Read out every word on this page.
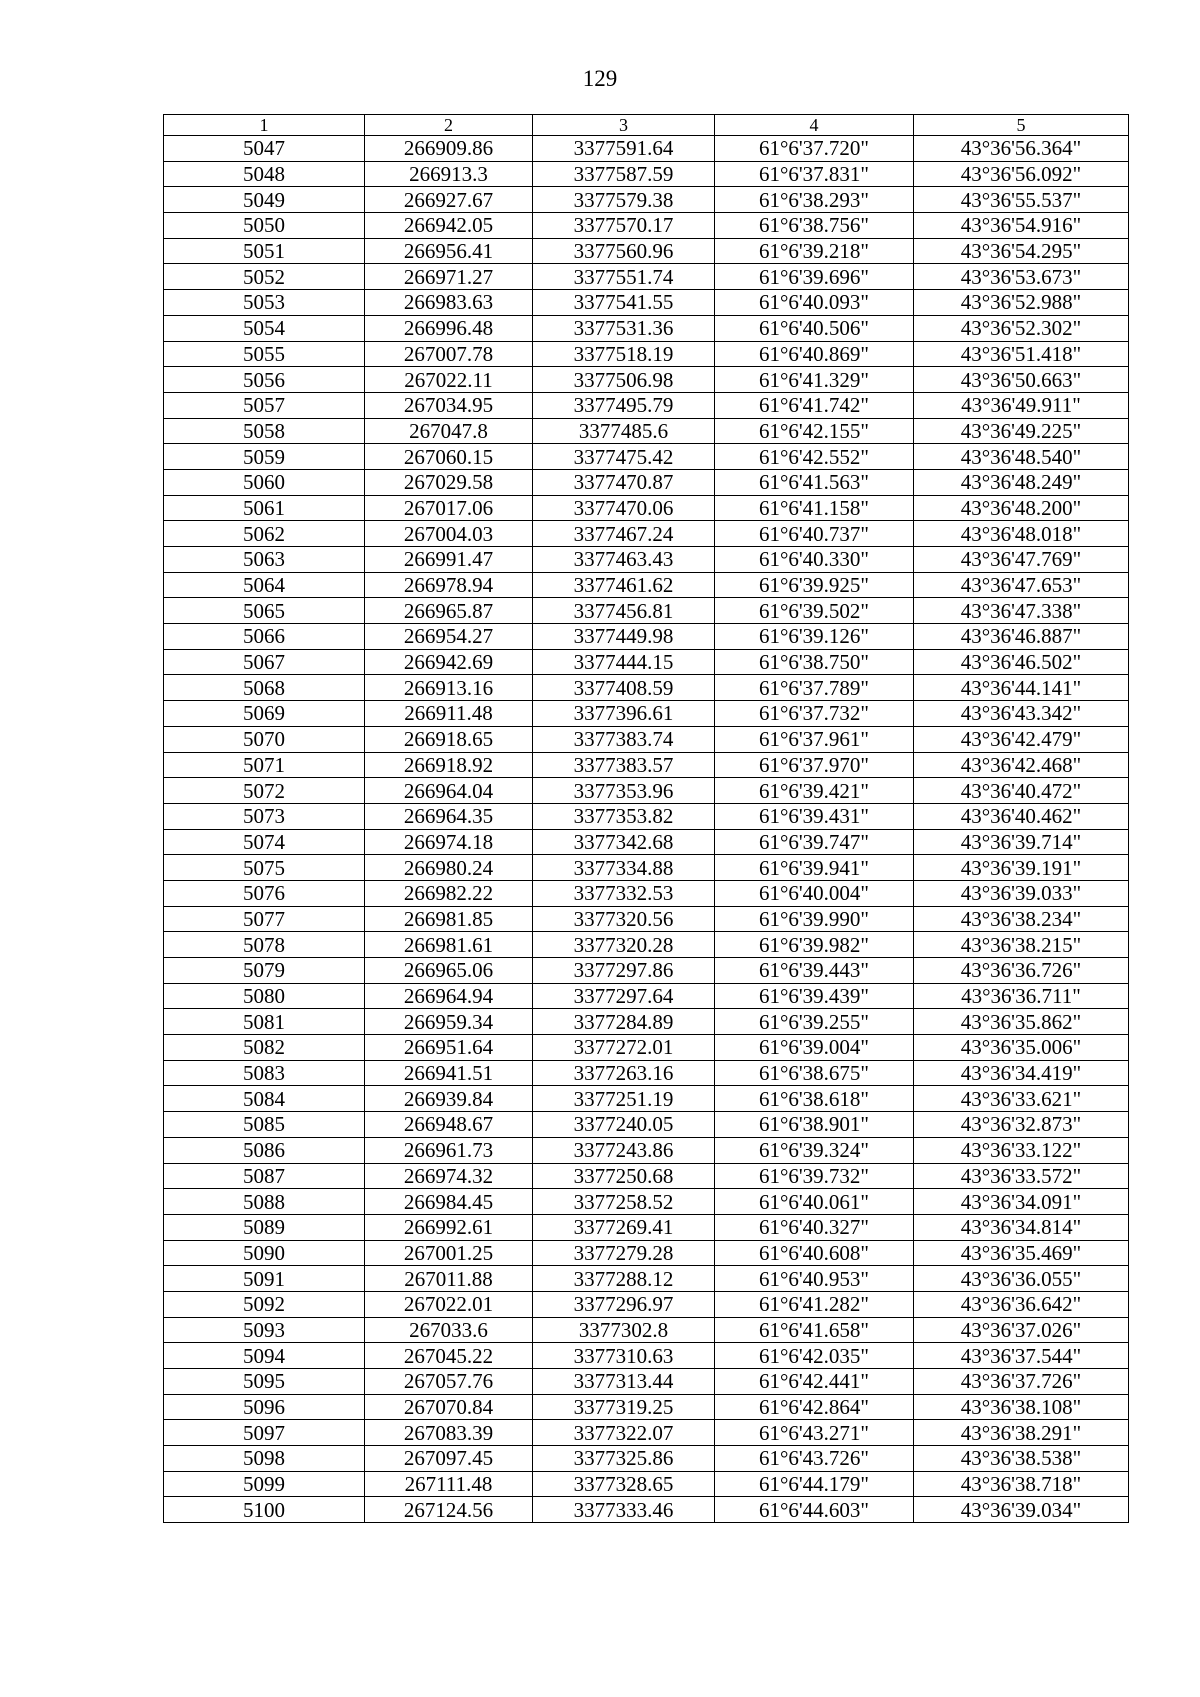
129
1	2	3	4	5
5047	266909.86	3377591.64	61°6'37.720"	43°36'56.364"
5048	266913.3	3377587.59	61°6'37.831"	43°36'56.092"
5049	266927.67	3377579.38	61°6'38.293"	43°36'55.537"
5050	266942.05	3377570.17	61°6'38.756"	43°36'54.916"
5051	266956.41	3377560.96	61°6'39.218"	43°36'54.295"
5052	266971.27	3377551.74	61°6'39.696"	43°36'53.673"
5053	266983.63	3377541.55	61°6'40.093"	43°36'52.988"
5054	266996.48	3377531.36	61°6'40.506"	43°36'52.302"
5055	267007.78	3377518.19	61°6'40.869"	43°36'51.418"
5056	267022.11	3377506.98	61°6'41.329"	43°36'50.663"
5057	267034.95	3377495.79	61°6'41.742"	43°36'49.911"
5058	267047.8	3377485.6	61°6'42.155"	43°36'49.225"
5059	267060.15	3377475.42	61°6'42.552"	43°36'48.540"
5060	267029.58	3377470.87	61°6'41.563"	43°36'48.249"
5061	267017.06	3377470.06	61°6'41.158"	43°36'48.200"
5062	267004.03	3377467.24	61°6'40.737"	43°36'48.018"
5063	266991.47	3377463.43	61°6'40.330"	43°36'47.769"
5064	266978.94	3377461.62	61°6'39.925"	43°36'47.653"
5065	266965.87	3377456.81	61°6'39.502"	43°36'47.338"
5066	266954.27	3377449.98	61°6'39.126"	43°36'46.887"
5067	266942.69	3377444.15	61°6'38.750"	43°36'46.502"
5068	266913.16	3377408.59	61°6'37.789"	43°36'44.141"
5069	266911.48	3377396.61	61°6'37.732"	43°36'43.342"
5070	266918.65	3377383.74	61°6'37.961"	43°36'42.479"
5071	266918.92	3377383.57	61°6'37.970"	43°36'42.468"
5072	266964.04	3377353.96	61°6'39.421"	43°36'40.472"
5073	266964.35	3377353.82	61°6'39.431"	43°36'40.462"
5074	266974.18	3377342.68	61°6'39.747"	43°36'39.714"
5075	266980.24	3377334.88	61°6'39.941"	43°36'39.191"
5076	266982.22	3377332.53	61°6'40.004"	43°36'39.033"
5077	266981.85	3377320.56	61°6'39.990"	43°36'38.234"
5078	266981.61	3377320.28	61°6'39.982"	43°36'38.215"
5079	266965.06	3377297.86	61°6'39.443"	43°36'36.726"
5080	266964.94	3377297.64	61°6'39.439"	43°36'36.711"
5081	266959.34	3377284.89	61°6'39.255"	43°36'35.862"
5082	266951.64	3377272.01	61°6'39.004"	43°36'35.006"
5083	266941.51	3377263.16	61°6'38.675"	43°36'34.419"
5084	266939.84	3377251.19	61°6'38.618"	43°36'33.621"
5085	266948.67	3377240.05	61°6'38.901"	43°36'32.873"
5086	266961.73	3377243.86	61°6'39.324"	43°36'33.122"
5087	266974.32	3377250.68	61°6'39.732"	43°36'33.572"
5088	266984.45	3377258.52	61°6'40.061"	43°36'34.091"
5089	266992.61	3377269.41	61°6'40.327"	43°36'34.814"
5090	267001.25	3377279.28	61°6'40.608"	43°36'35.469"
5091	267011.88	3377288.12	61°6'40.953"	43°36'36.055"
5092	267022.01	3377296.97	61°6'41.282"	43°36'36.642"
5093	267033.6	3377302.8	61°6'41.658"	43°36'37.026"
5094	267045.22	3377310.63	61°6'42.035"	43°36'37.544"
5095	267057.76	3377313.44	61°6'42.441"	43°36'37.726"
5096	267070.84	3377319.25	61°6'42.864"	43°36'38.108"
5097	267083.39	3377322.07	61°6'43.271"	43°36'38.291"
5098	267097.45	3377325.86	61°6'43.726"	43°36'38.538"
5099	267111.48	3377328.65	61°6'44.179"	43°36'38.718"
5100	267124.56	3377333.46	61°6'44.603"	43°36'39.034"
